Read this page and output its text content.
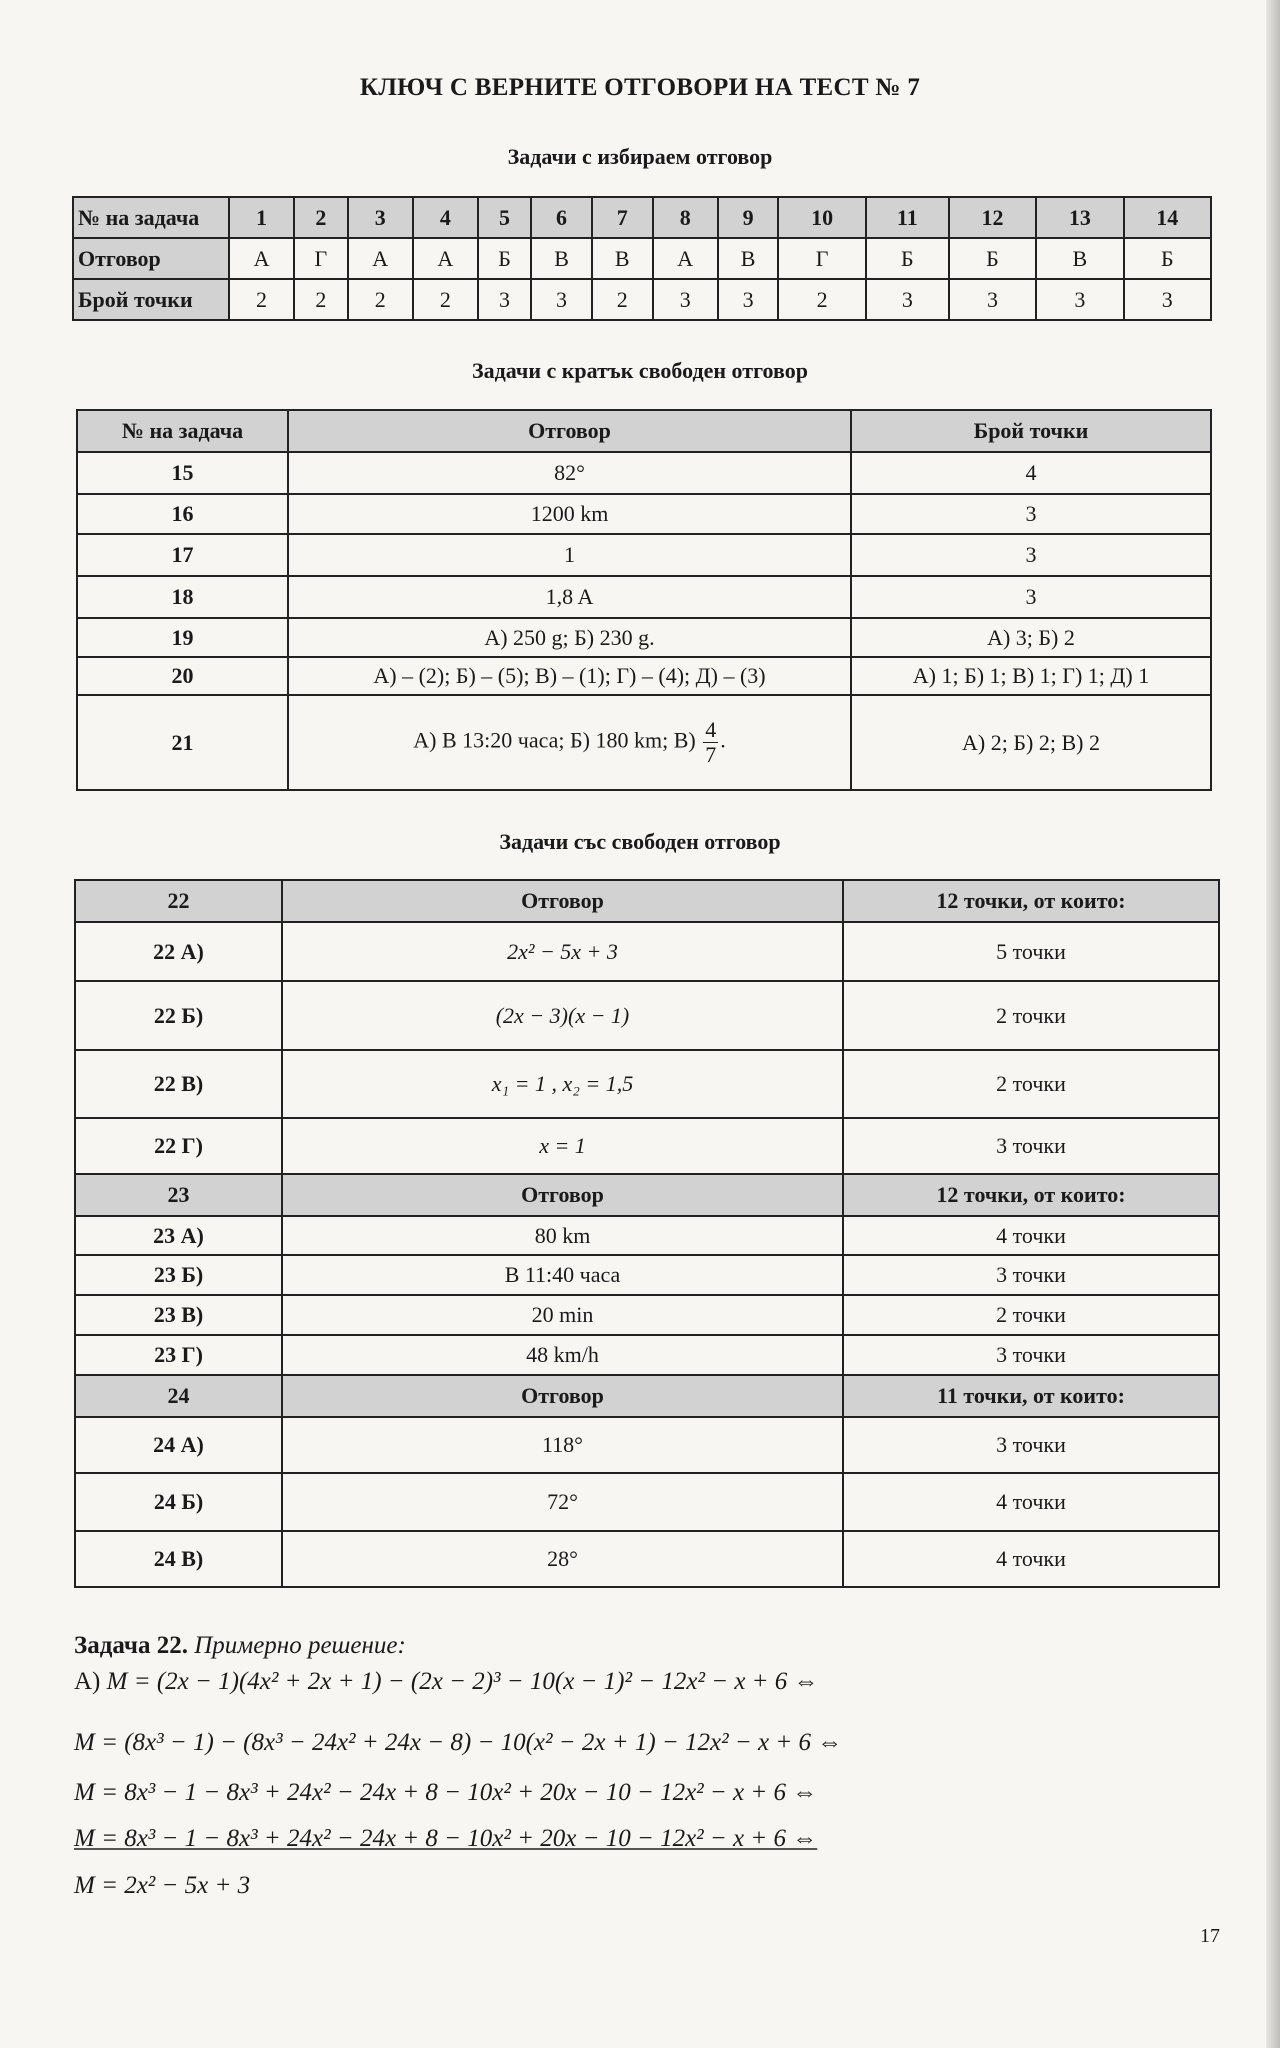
КЛЮЧ С ВЕРНИТЕ ОТГОВОРИ НА ТЕСТ № 7
Задачи с избираем отговор
№ на задача	1	2	3	4	5	6	7	8	9	10	11	12	13	14
Отговор	А	Г	А	А	Б	В	В	А	В	Г	Б	Б	В	Б
Брой точки	2	2	2	2	3	3	2	3	3	2	3	3	3	3
Задачи с кратък свободен отговор
№ на задача	Отговор	Брой точки
15	82°	4
16	1200 km	3
17	1	3
18	1,8 A	3
19	А) 250 g; Б) 230 g.	А) 3; Б) 2
20	А) – (2); Б) – (5); В) – (1); Г) – (4); Д) – (3)	А) 1; Б) 1; В) 1; Г) 1; Д) 1
21	А) В 13:20 часа; Б) 180 km; $В) \frac{4}{7}$ .	А) 2; Б) 2; В) 2
Задачи със свободен отговор
22	Отговор	12 точки, от които:
22 А)	2x² − 5x + 3	5 точки
22 Б)	(2x − 3)(x − 1)	2 точки
22 В)	x₁ = 1 , x₂ = 1,5	2 точки
22 Г)	x = 1	3 точки
23	Отговор	12 точки, от които:
23 А)	80 km	4 точки
23 Б)	В 11:40 часа	3 точки
23 В)	20 min	2 точки
23 Г)	48 km/h	3 точки
24	Отговор	11 точки, от които:
24 А)	118°	3 точки
24 Б)	72°	4 точки
24 В)	28°	4 точки
Задача 22. Примерно решение:
А) M = (2x − 1)(4x² + 2x + 1) − (2x − 2)³ − 10(x − 1)² − 12x² − x + 6 ⇔
M = (8x³ − 1) − (8x³ − 24x² + 24x − 8) − 10(x² − 2x + 1) − 12x² − x + 6 ⇔
M = 8x³ − 1 − 8x³ + 24x² − 24x + 8 − 10x² + 20x − 10 − 12x² − x + 6 ⇔
M = 8x³ − 1 − 8x³ + 24x² − 24x + 8 − 10x² + 20x − 10 − 12x² − x + 6 ⇔
M = 2x² − 5x + 3
17
